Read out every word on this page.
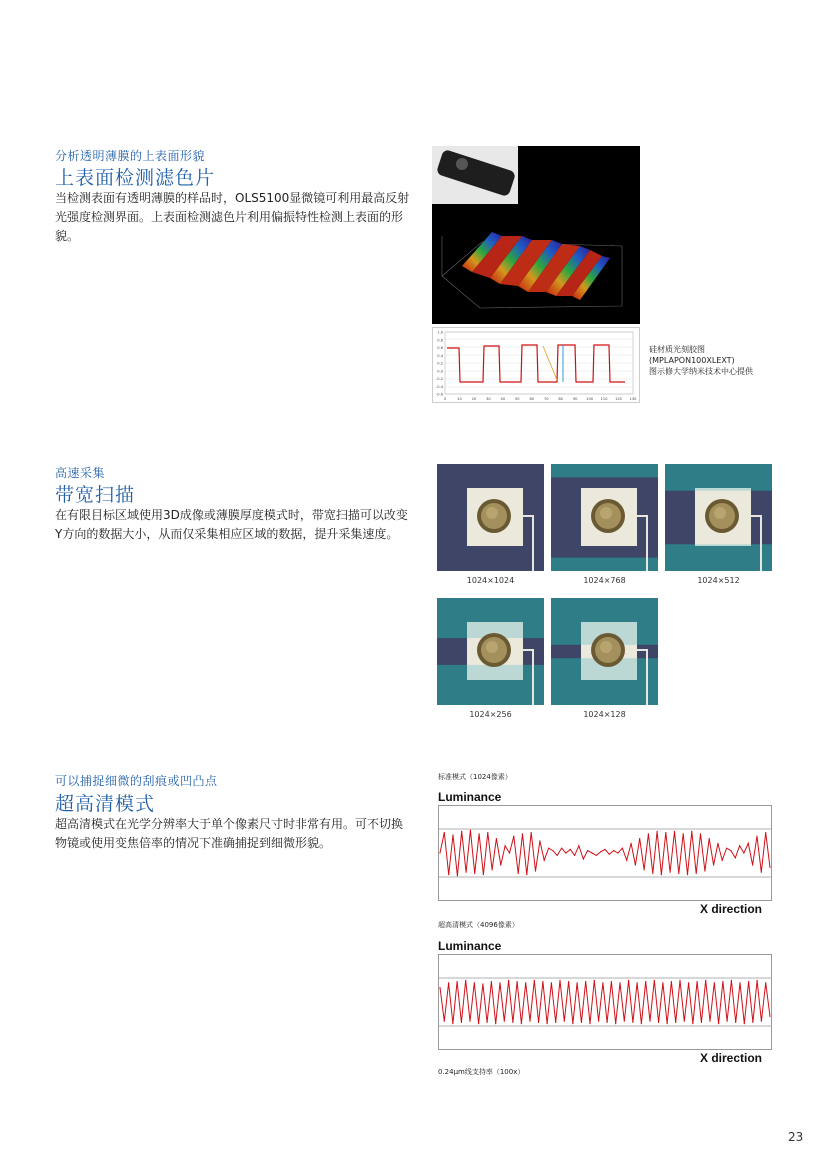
分析透明薄膜的上表面形貌
上表面检测滤色片
当检测表面有透明薄膜的样品时，OLS5100显微镜可利用最高反射光强度检测界面。上表面检测滤色片利用偏振特性检测上表面的形貌。
·
1.0
0.8
0.6
0.4
0.2
0.0
-0.2
-0.4
-0.6
0	10	20	30	40	50	60	70	80	90 100 110 120 130
硅材质光刻胶图
(MPLAPON100XLEXT)
图示修大学纳米技术中心提供
高速采集
带宽扫描
在有限目标区域使用3D成像或薄膜厚度模式时，带宽扫描可以改变Y方向的数据大小，从而仅采集相应区域的数据，提升采集速度。
1024×1024	1024×768	1024×512
1024×256	1024×128
可以捕捉细微的刮痕或凹凸点
超高清模式
超高清模式在光学分辨率大于单个像素尺寸时非常有用。可不切换物镜或使用变焦倍率的情况下准确捕捉到细微形貌。
标准模式（1024像素）
Luminance
X direction
超高清模式（4096像素）
Luminance
X direction
0.24μm线支持率（100x）
23
